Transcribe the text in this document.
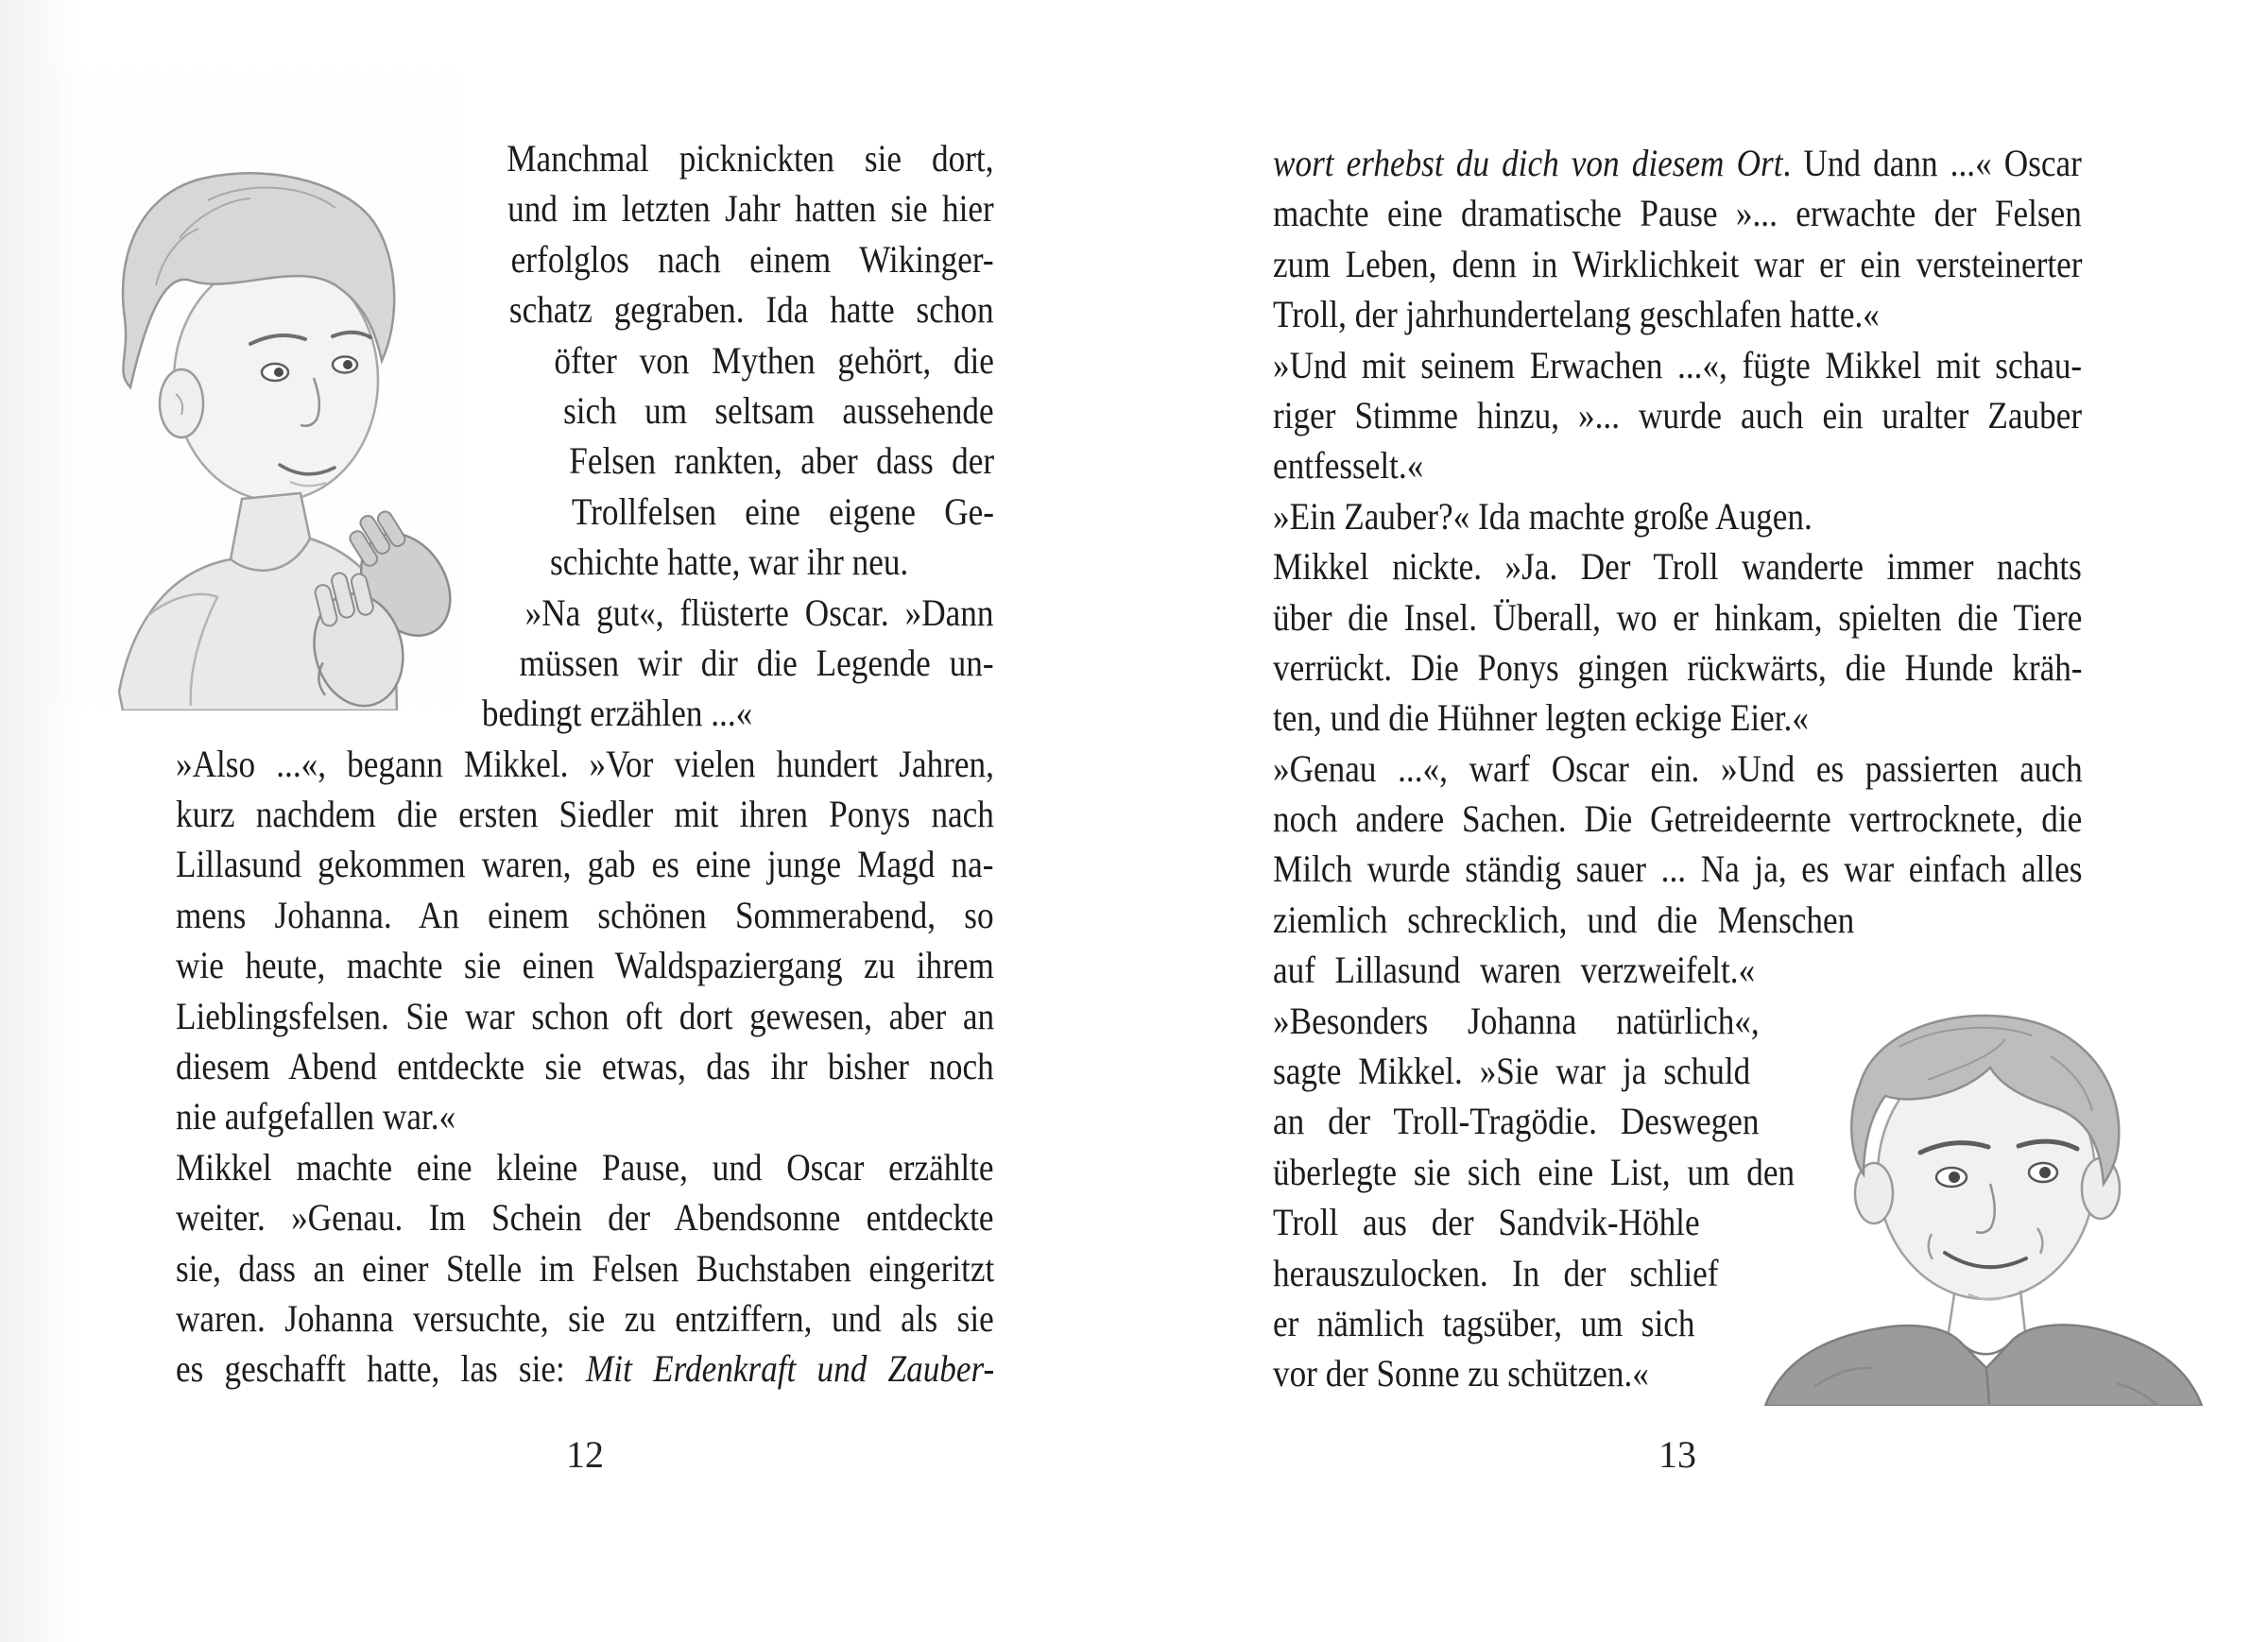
Manchmal picknickten sie dort,
und im letzten Jahr hatten sie hier
erfolglos nach einem Wikinger-
schatz gegraben. Ida hatte schon
öfter von Mythen gehört, die
sich um seltsam aussehende
Felsen rankten, aber dass der
Trollfelsen eine eigene Ge-
schichte hatte, war ihr neu.
»Na gut«, flüsterte Oscar. »Dann
müssen wir dir die Legende un-
bedingt erzählen ...«
»Also ...«, begann Mikkel. »Vor vielen hundert Jahren,
kurz nachdem die ersten Siedler mit ihren Ponys nach
Lillasund gekommen waren, gab es eine junge Magd na-
mens Johanna. An einem schönen Sommerabend, so
wie heute, machte sie einen Waldspaziergang zu ihrem
Lieblingsfelsen. Sie war schon oft dort gewesen, aber an
diesem Abend entdeckte sie etwas, das ihr bisher noch
nie aufgefallen war.«
Mikkel machte eine kleine Pause, und Oscar erzählte
weiter. »Genau. Im Schein der Abendsonne entdeckte
sie, dass an einer Stelle im Felsen Buchstaben eingeritzt
waren. Johanna versuchte, sie zu entziffern, und als sie
es geschafft hatte, las sie: Mit Erdenkraft und Zauber-
wort erhebst du dich von diesem Ort. Und dann ...« Oscar
machte eine dramatische Pause »... erwachte der Felsen
zum Leben, denn in Wirklichkeit war er ein versteinerter
Troll, der jahrhundertelang geschlafen hatte.«
»Und mit seinem Erwachen ...«, fügte Mikkel mit schau-
riger Stimme hinzu, »... wurde auch ein uralter Zauber
entfesselt.«
»Ein Zauber?« Ida machte große Augen.
Mikkel nickte. »Ja. Der Troll wanderte immer nachts
über die Insel. Überall, wo er hinkam, spielten die Tiere
verrückt. Die Ponys gingen rückwärts, die Hunde kräh-
ten, und die Hühner legten eckige Eier.«
»Genau ...«, warf Oscar ein. »Und es passierten auch
noch andere Sachen. Die Getreideernte vertrocknete, die
Milch wurde ständig sauer ... Na ja, es war einfach alles
ziemlich schrecklich, und die Menschen
auf Lillasund waren verzweifelt.«
»Besonders Johanna natürlich«,
sagte Mikkel. »Sie war ja schuld
an der Troll-Tragödie. Deswegen
überlegte sie sich eine List, um den
Troll aus der Sandvik-Höhle
herauszulocken. In der schlief
er nämlich tagsüber, um sich
vor der Sonne zu schützen.«
12	13
